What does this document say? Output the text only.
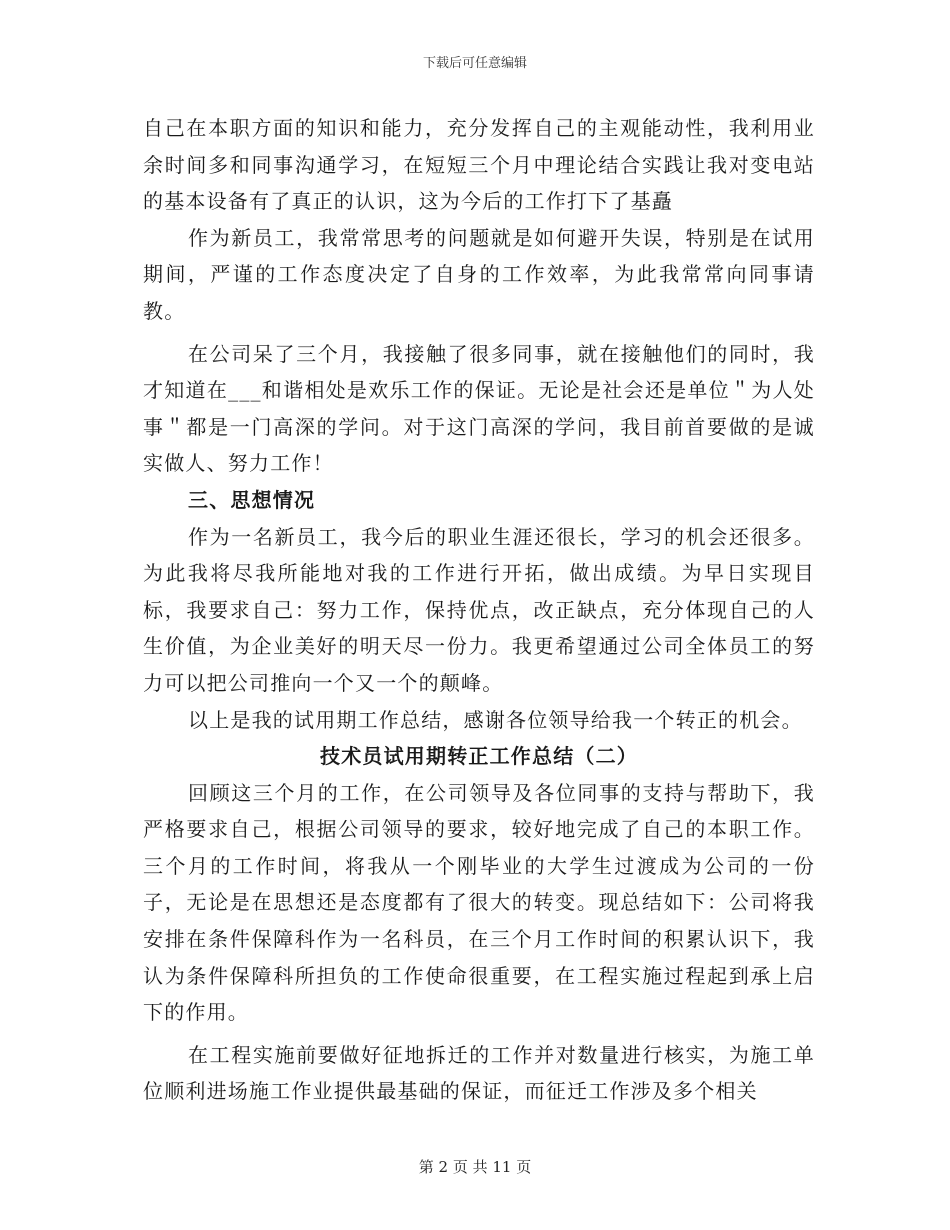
下载后可任意编辑

自己在本职方面的知识和能力，充分发挥自己的主观能动性，我利用业余时间多和同事沟通学习，在短短三个月中理论结合实践让我对变电站的基本设备有了真正的认识，这为今后的工作打下了基矗

作为新员工，我常常思考的问题就是如何避开失误，特别是在试用期间，严谨的工作态度决定了自身的工作效率，为此我常常向同事请教。

在公司呆了三个月，我接触了很多同事，就在接触他们的同时，我才知道在___和谐相处是欢乐工作的保证。无论是社会还是单位＂为人处事＂都是一门高深的学问。对于这门高深的学问，我目前首要做的是诚实做人、努力工作！

三、思想情况

作为一名新员工，我今后的职业生涯还很长，学习的机会还很多。为此我将尽我所能地对我的工作进行开拓，做出成绩。为早日实现目标，我要求自己：努力工作，保持优点，改正缺点，充分体现自己的人生价值，为企业美好的明天尽一份力。我更希望通过公司全体员工的努力可以把公司推向一个又一个的颠峰。

以上是我的试用期工作总结，感谢各位领导给我一个转正的机会。

技术员试用期转正工作总结（二）

回顾这三个月的工作，在公司领导及各位同事的支持与帮助下，我严格要求自己，根据公司领导的要求，较好地完成了自己的本职工作。三个月的工作时间，将我从一个刚毕业的大学生过渡成为公司的一份子，无论是在思想还是态度都有了很大的转变。现总结如下：公司将我安排在条件保障科作为一名科员，在三个月工作时间的积累认识下，我认为条件保障科所担负的工作使命很重要，在工程实施过程起到承上启下的作用。

在工程实施前要做好征地拆迁的工作并对数量进行核实，为施工单位顺利进场施工作业提供最基础的保证，而征迁工作涉及多个相关

第 2 页 共 11 页
